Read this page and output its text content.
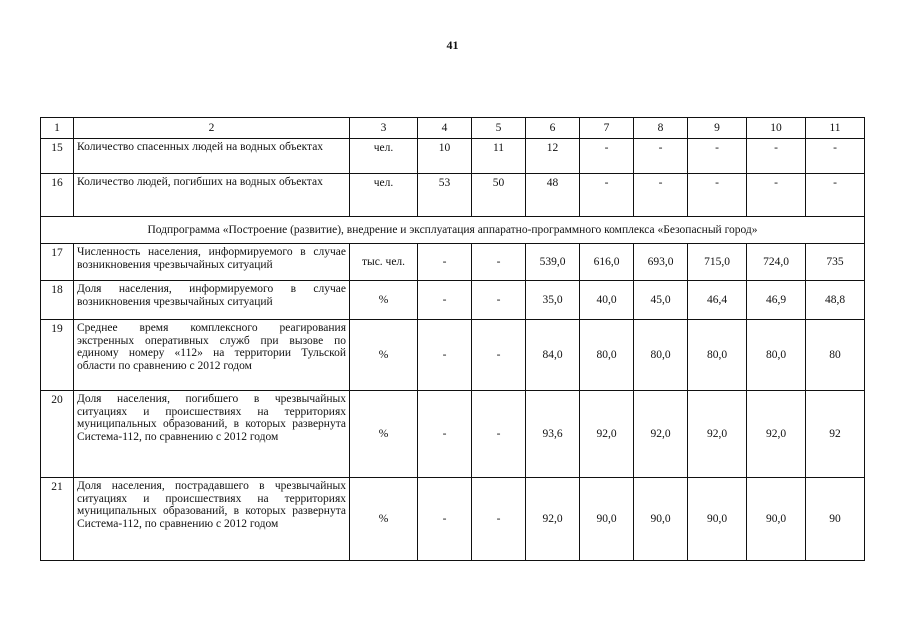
41
1	2	3	4	5	6	7	8	9	10	11
15	Количество спасенных людей на водных объектах	чел.	10	11	12	-	-	-	-	-
16	Количество людей, погибших на водных объектах	чел.	53	50	48	-	-	-	-	-
Подпрограмма «Построение (развитие), внедрение и эксплуатация аппаратно-программного комплекса «Безопасный город»										
17	Численность населения, информируемого в случае возникновения чрезвычайных ситуаций	тыс. чел.	-	-	539,0	616,0	693,0	715,0	724,0	735
18	Доля населения, информируемого в случае возникновения чрезвычайных ситуаций	%	-	-	35,0	40,0	45,0	46,4	46,9	48,8
19	Среднее время комплексного реагирования экстренных оперативных служб при вызове по единому номеру «112» на территории Тульской области по сравнению с 2012 годом	%	-	-	84,0	80,0	80,0	80,0	80,0	80
20	Доля населения, погибшего в чрезвычайных ситуациях и происшествиях на территориях муниципальных образований, в которых развернута Система-112, по сравнению с 2012 годом	%	-	-	93,6	92,0	92,0	92,0	92,0	92
21	Доля населения, пострадавшего в чрезвычайных ситуациях и происшествиях на территориях муниципальных образований, в которых развернута Система-112, по сравнению с 2012 годом	%	-	-	92,0	90,0	90,0	90,0	90,0	90
